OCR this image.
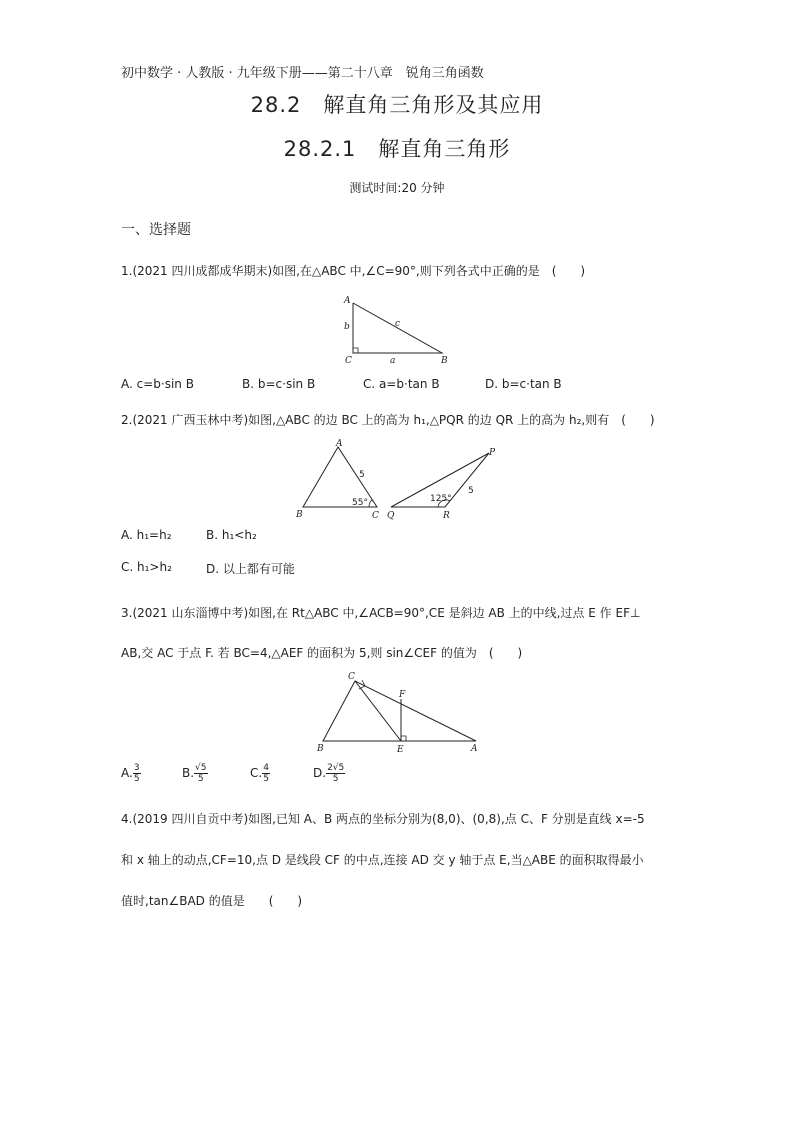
初中数学 · 人教版 · 九年级下册——第二十八章　锐角三角函数
28.2　解直角三角形及其应用
28.2.1　解直角三角形
测试时间:20 分钟
一、选择题
1.(2021 四川成都成华期末)如图,在△ABC 中,∠C=90°,则下列各式中正确的是　(　　)
A
b
C
c
a	B
A. c=b·sin B	B. b=c·sin B	C. a=b·tan B	D. b=c·tan B
2.(2021 广西玉林中考)如图,△ABC 的边 BC 上的高为 h₁,△PQR 的边 QR 上的高为 h₂,则有　(　　)
A
B	C
5
55°
P
Q	R
5
125°
A. h₁=h₂	B. h₁<h₂
C. h₁>h₂	D. 以上都有可能
3.(2021 山东淄博中考)如图,在 Rt△ABC 中,∠ACB=90°,CE 是斜边 AB 上的中线,过点 E 作 EF⊥
AB,交 AC 于点 F. 若 BC=4,△AEF 的面积为 5,则 sin∠CEF 的值为　(　　)
C
F
B	E	A
A. $\frac{3}{5}$	B. $\frac{√5}{5}$	C. $\frac{4}{5}$	D. $\frac{2√5}{5}$
4.(2019 四川自贡中考)如图,已知 A、B 两点的坐标分别为(8,0)、(0,8),点 C、F 分别是直线 x=-5
和 x 轴上的动点,CF=10,点 D 是线段 CF 的中点,连接 AD 交 y 轴于点 E,当△ABE 的面积取得最小
值时,tan∠BAD 的值是　　(　　)
